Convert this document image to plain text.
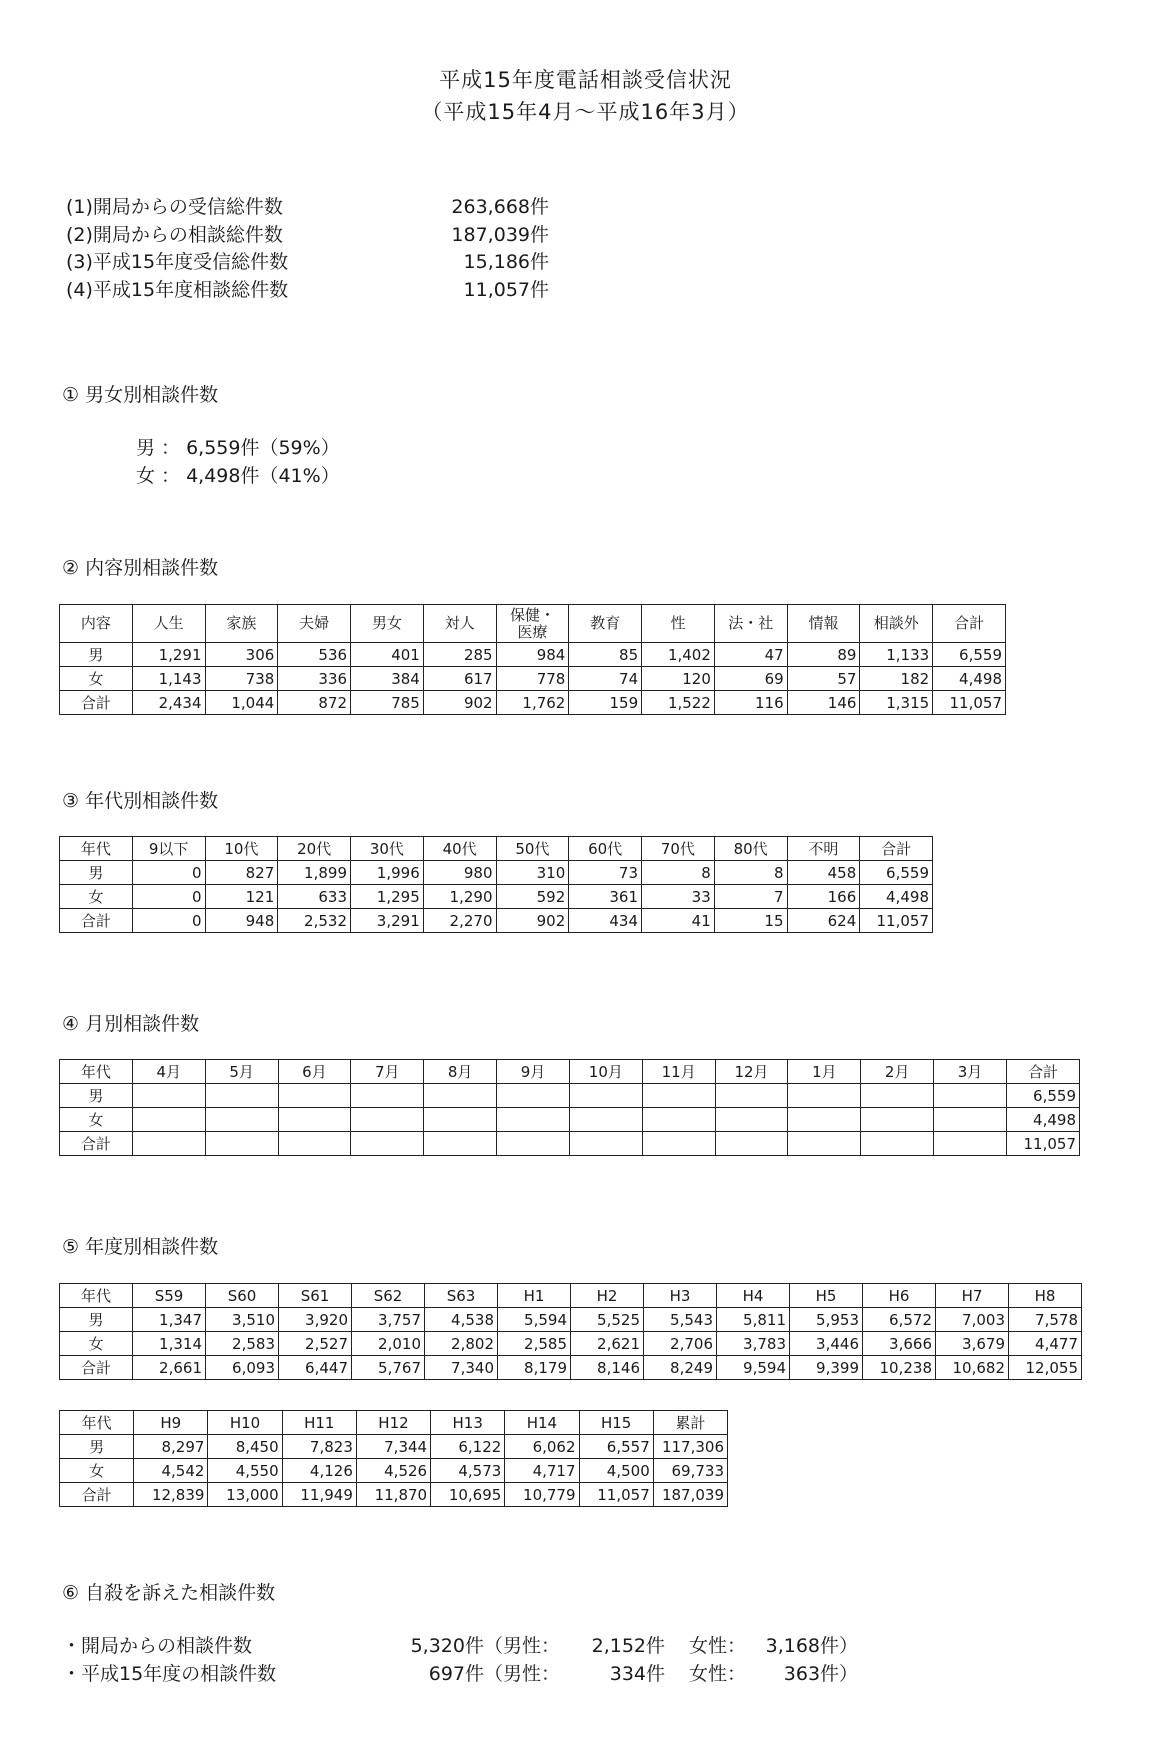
平成15年度電話相談受信状況
（平成15年4月～平成16年3月）
(1)開局からの受信総件数	263,668件
(2)開局からの相談総件数	187,039件
(3)平成15年度受信総件数	15,186件
(4)平成15年度相談総件数	11,057件
① 男女別相談件数
男 ： 6,559件（59%）
女 ： 4,498件（41%）
② 内容別相談件数
内容	人生	家族	夫婦	男女	対人	保健・
医療	教育	性	法・社	情報	相談外	合計
男	1,291	306	536	401	285	984	85	1,402	47	89	1,133	6,559
女	1,143	738	336	384	617	778	74	120	69	57	182	4,498
合計	2,434	1,044	872	785	902	1,762	159	1,522	116	146	1,315	11,057
③ 年代別相談件数
年代	9以下	10代	20代	30代	40代	50代	60代	70代	80代	不明	合計
男	0	827	1,899	1,996	980	310	73	8	8	458	6,559
女	0	121	633	1,295	1,290	592	361	33	7	166	4,498
合計	0	948	2,532	3,291	2,270	902	434	41	15	624	11,057
④ 月別相談件数
年代	4月	5月	6月	7月	8月	9月	10月	11月	12月	1月	2月	3月	合計
男													6,559
女													4,498
合計													11,057
⑤ 年度別相談件数
年代	S59	S60	S61	S62	S63	H1	H2	H3	H4	H5	H6	H7	H8
男	1,347	3,510	3,920	3,757	4,538	5,594	5,525	5,543	5,811	5,953	6,572	7,003	7,578
女	1,314	2,583	2,527	2,010	2,802	2,585	2,621	2,706	3,783	3,446	3,666	3,679	4,477
合計	2,661	6,093	6,447	5,767	7,340	8,179	8,146	8,249	9,594	9,399	10,238	10,682	12,055
年代	H9	H10	H11	H12	H13	H14	H15	累計
男	8,297	8,450	7,823	7,344	6,122	6,062	6,557	117,306
女	4,542	4,550	4,126	4,526	4,573	4,717	4,500	69,733
合計	12,839	13,000	11,949	11,870	10,695	10,779	11,057	187,039
⑥ 自殺を訴えた相談件数
・開局からの相談件数	5,320件（男性： 2,152件 女性： 3,168件）
・平成15年度の相談件数	697件（男性：	334件 女性： 363件）
